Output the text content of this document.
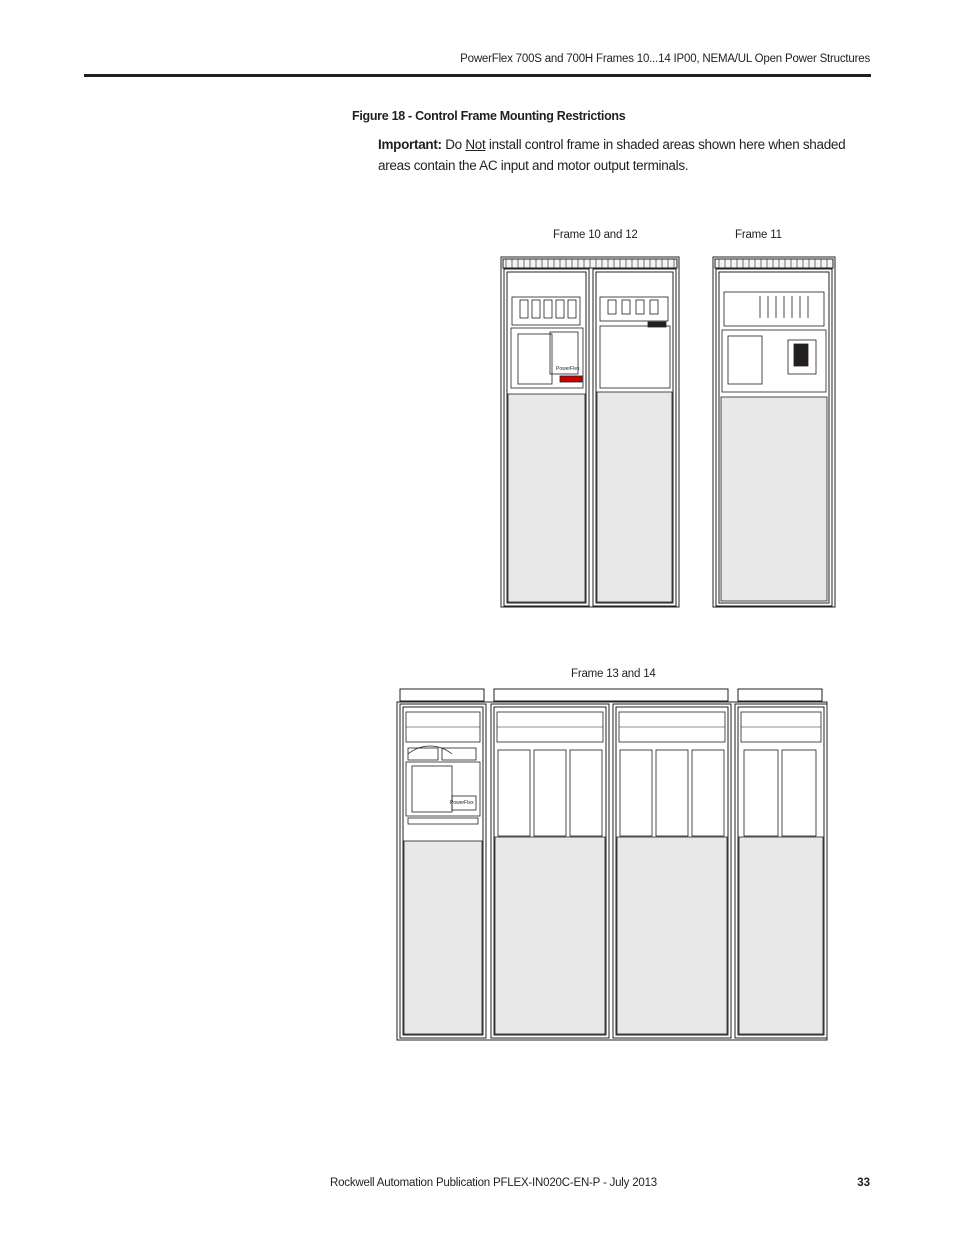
PowerFlex 700S and 700H Frames 10...14 IP00, NEMA/UL Open Power Structures
Figure 18 - Control Frame Mounting Restrictions
Important: Do Not install control frame in shaded areas shown here when shaded areas contain the AC input and motor output terminals.
Frame 10 and 12	Frame 11
Frame 13 and 14
PowerFlex
PowerFlex
Rockwell Automation Publication PFLEX-IN020C-EN-P - July 2013	33
